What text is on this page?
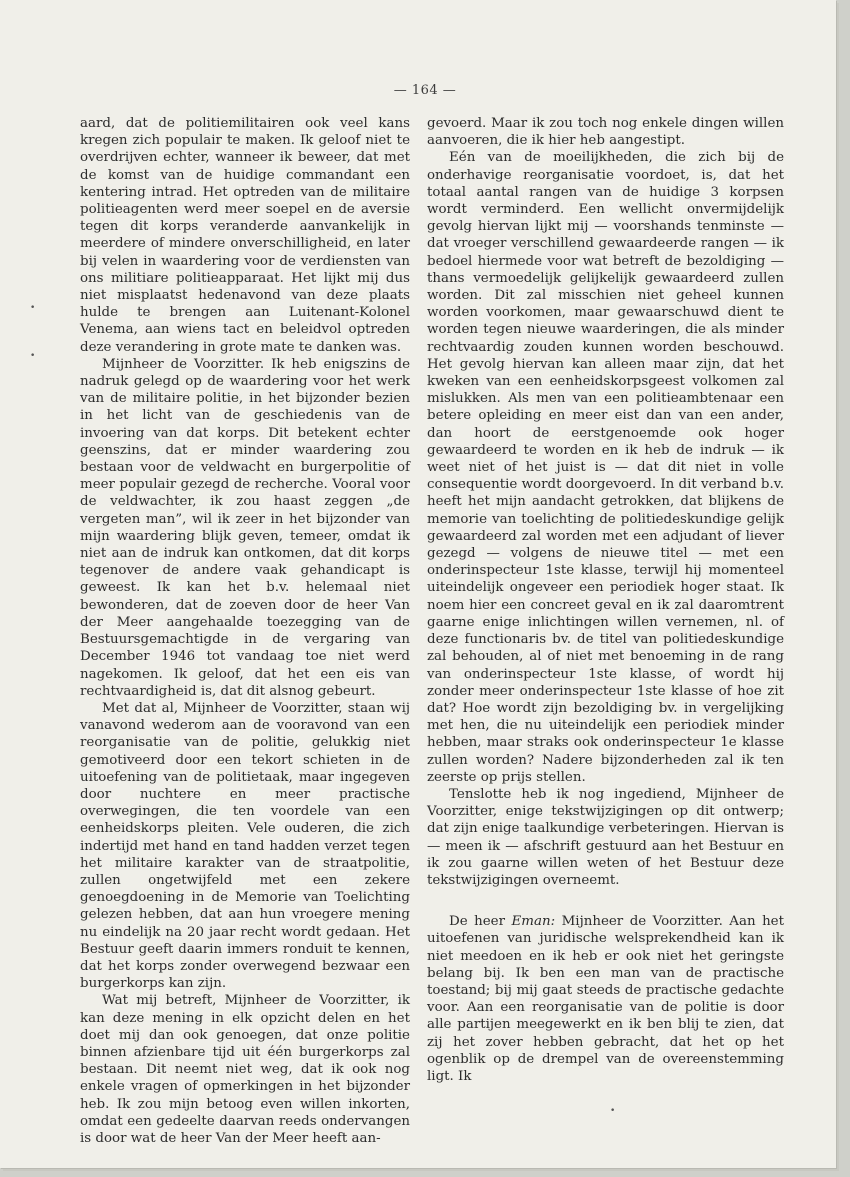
— 164 —

aard, dat de politiemilitairen ook veel kans kregen zich populair te maken. Ik geloof niet te overdrijven echter, wanneer ik beweer, dat met de komst van de huidige commandant een kentering intrad. Het optreden van de militaire politieagenten werd meer soepel en de aversie tegen dit korps veranderde aanvankelijk in meerdere of mindere onverschilligheid, en later bij velen in waardering voor de verdiensten van ons militiare politieapparaat. Het lijkt mij dus niet misplaatst hedenavond van deze plaats hulde te brengen aan Luitenant-Kolonel Venema, aan wiens tact en beleidvol optreden deze verandering in grote mate te danken was.

Mijnheer de Voorzitter. Ik heb enigszins de nadruk gelegd op de waardering voor het werk van de militaire politie, in het bijzonder bezien in het licht van de geschiedenis van de invoering van dat korps. Dit betekent echter geenszins, dat er minder waardering zou bestaan voor de veldwacht en burgerpolitie of meer populair gezegd de recherche. Vooral voor de veldwachter, ik zou haast zeggen „de vergeten man”, wil ik zeer in het bijzonder van mijn waardering blijk geven, temeer, omdat ik niet aan de indruk kan ontkomen, dat dit korps tegenover de andere vaak gehandicapt is geweest. Ik kan het b.v. helemaal niet bewonderen, dat de zoeven door de heer Van der Meer aangehaalde toezegging van de Bestuursgemachtigde in de vergaring van December 1946 tot vandaag toe niet werd nagekomen. Ik geloof, dat het een eis van rechtvaardigheid is, dat dit alsnog gebeurt.

Met dat al, Mijnheer de Voorzitter, staan wij vanavond wederom aan de vooravond van een reorganisatie van de politie, gelukkig niet gemotiveerd door een tekort schieten in de uitoefening van de politietaak, maar ingegeven door nuchtere en meer practische overwegingen, die ten voordele van een eenheidskorps pleiten. Vele ouderen, die zich indertijd met hand en tand hadden verzet tegen het militaire karakter van de straatpolitie, zullen ongetwijfeld met een zekere genoegdoening in de Memorie van Toelichting gelezen hebben, dat aan hun vroegere mening nu eindelijk na 20 jaar recht wordt gedaan. Het Bestuur geeft daarin immers ronduit te kennen, dat het korps zonder overwegend bezwaar een burgerkorps kan zijn.

Wat mij betreft, Mijnheer de Voorzitter, ik kan deze mening in elk opzicht delen en het doet mij dan ook genoegen, dat onze politie binnen afzienbare tijd uit één burgerkorps zal bestaan. Dit neemt niet weg, dat ik ook nog enkele vragen of opmerkingen in het bijzonder heb. Ik zou mijn betoog even willen inkorten, omdat een gedeelte daarvan reeds ondervangen is door wat de heer Van der Meer heeft aan-

gevoerd. Maar ik zou toch nog enkele dingen willen aanvoeren, die ik hier heb aangestipt.

Eén van de moeilijkheden, die zich bij de onderhavige reorganisatie voordoet, is, dat het totaal aantal rangen van de huidige 3 korpsen wordt verminderd. Een wellicht onvermijdelijk gevolg hiervan lijkt mij — voorshands tenminste — dat vroeger verschillend gewaardeerde rangen — ik bedoel hiermede voor wat betreft de bezoldiging — thans vermoedelijk gelijkelijk gewaardeerd zullen worden. Dit zal misschien niet geheel kunnen worden voorkomen, maar gewaarschuwd dient te worden tegen nieuwe waarderingen, die als minder rechtvaardig zouden kunnen worden beschouwd. Het gevolg hiervan kan alleen maar zijn, dat het kweken van een eenheidskorpsgeest volkomen zal mislukken. Als men van een politieambtenaar een betere opleiding en meer eist dan van een ander, dan hoort de eerstgenoemde ook hoger gewaardeerd te worden en ik heb de indruk — ik weet niet of het juist is — dat dit niet in volle consequentie wordt doorgevoerd. In dit verband b.v. heeft het mijn aandacht getrokken, dat blijkens de memorie van toelichting de politiedeskundige gelijk gewaardeerd zal worden met een adjudant of liever gezegd — volgens de nieuwe titel — met een onderinspecteur 1ste klasse, terwijl hij momenteel uiteindelijk ongeveer een periodiek hoger staat. Ik noem hier een concreet geval en ik zal daaromtrent gaarne enige inlichtingen willen vernemen, nl. of deze functionaris bv. de titel van politiedeskundige zal behouden, al of niet met benoeming in de rang van onderinspecteur 1ste klasse, of wordt hij zonder meer onderinspecteur 1ste klasse of hoe zit dat? Hoe wordt zijn bezoldiging bv. in vergelijking met hen, die nu uiteindelijk een periodiek minder hebben, maar straks ook onderinspecteur 1e klasse zullen worden? Nadere bijzonderheden zal ik ten zeerste op prijs stellen.

Tenslotte heb ik nog ingediend, Mijnheer de Voorzitter, enige tekstwijzigingen op dit ontwerp; dat zijn enige taalkundige verbeteringen. Hiervan is — meen ik — afschrift gestuurd aan het Bestuur en ik zou gaarne willen weten of het Bestuur deze tekstwijzigingen overneemt.

De heer Eman: Mijnheer de Voorzitter. Aan het uitoefenen van juridische welsprekendheid kan ik niet meedoen en ik heb er ook niet het geringste belang bij. Ik ben een man van de practische toestand; bij mij gaat steeds de practische gedachte voor. Aan een reorganisatie van de politie is door alle partijen meegewerkt en ik ben blij te zien, dat zij het zover hebben gebracht, dat het op het ogenblik op de drempel van de overeenstemming ligt. Ik

•
•
•
